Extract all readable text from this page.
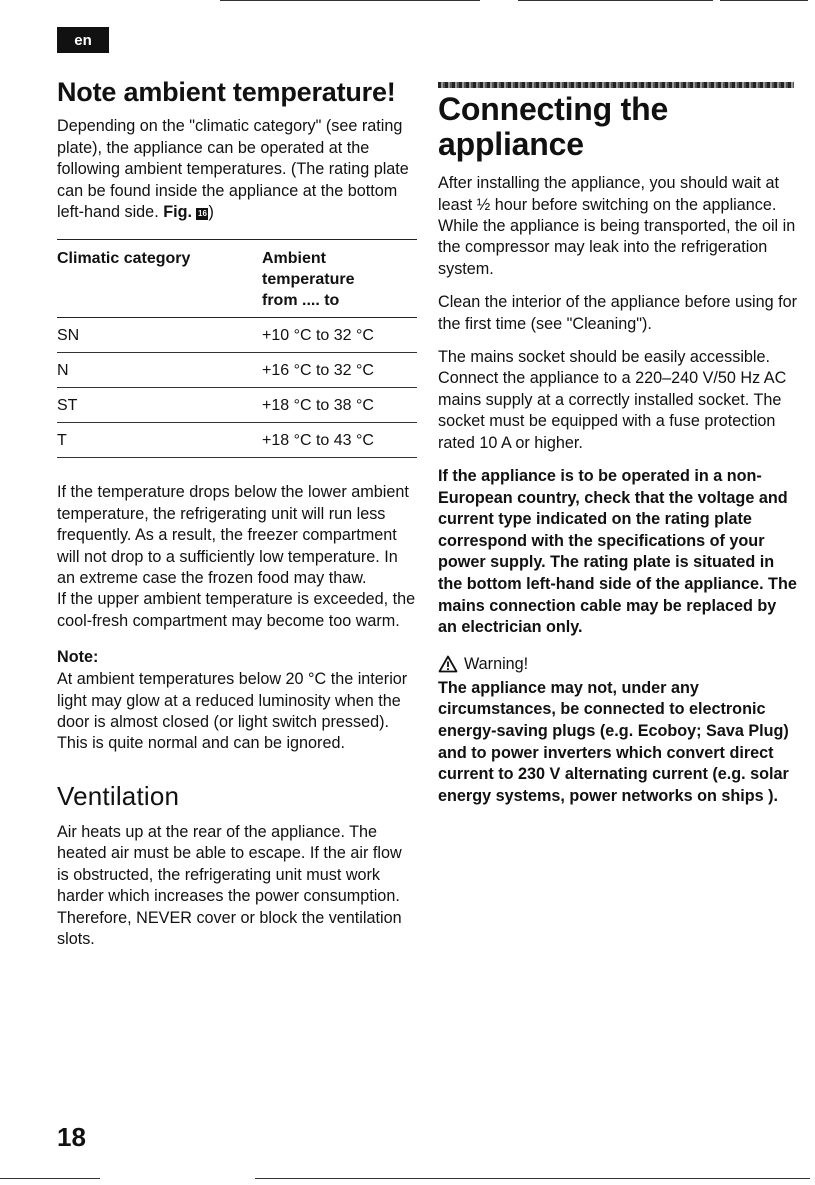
en
Note ambient temperature!

Depending on the "climatic category" (see rating plate), the appliance can be operated at the following ambient temperatures. (The rating plate can be found inside the appliance at the bottom left-hand side. Fig. 16)

Climatic category	Ambient temperature
from .... to

SN	+10 °C to 32 °C
N	+16 °C to 32 °C
ST	+18 °C to 38 °C
T	+18 °C to 43 °C

If the temperature drops below the lower ambient temperature, the refrigerating unit will run less frequently. As a result, the freezer compartment will not drop to a sufficiently low temperature. In an extreme case the frozen food may thaw.

If the upper ambient temperature is exceeded, the cool-fresh compartment may become too warm.

Note:

At ambient temperatures below 20 °C the interior light may glow at a reduced luminosity when the door is almost closed (or light switch pressed). This is quite normal and can be ignored.

Ventilation

Air heats up at the rear of the appliance. The heated air must be able to escape. If the air flow is obstructed, the refrigerating unit must work harder which increases the power consumption. Therefore, NEVER cover or block the ventilation slots.

Connecting the appliance

After installing the appliance, you should wait at least ½ hour before switching on the appliance. While the appliance is being transported, the oil in the compressor may leak into the refrigeration system.

Clean the interior of the appliance before using for the first time (see "Cleaning").

The mains socket should be easily accessible. Connect the appliance to a 220–240 V/50 Hz AC mains supply at a correctly installed socket. The socket must be equipped with a fuse protection rated 10 A or higher.

If the appliance is to be operated in a non-European country, check that the voltage and current type indicated on the rating plate correspond with the specifications of your power supply. The rating plate is situated in the bottom left-hand side of the appliance. The mains connection cable may be replaced by an electrician only.

Warning!

The appliance may not, under any circumstances, be connected to electronic energy-saving plugs (e.g. Ecoboy; Sava Plug) and to power inverters which convert direct current to 230 V alternating current (e.g. solar energy systems, power networks on ships ).

18
